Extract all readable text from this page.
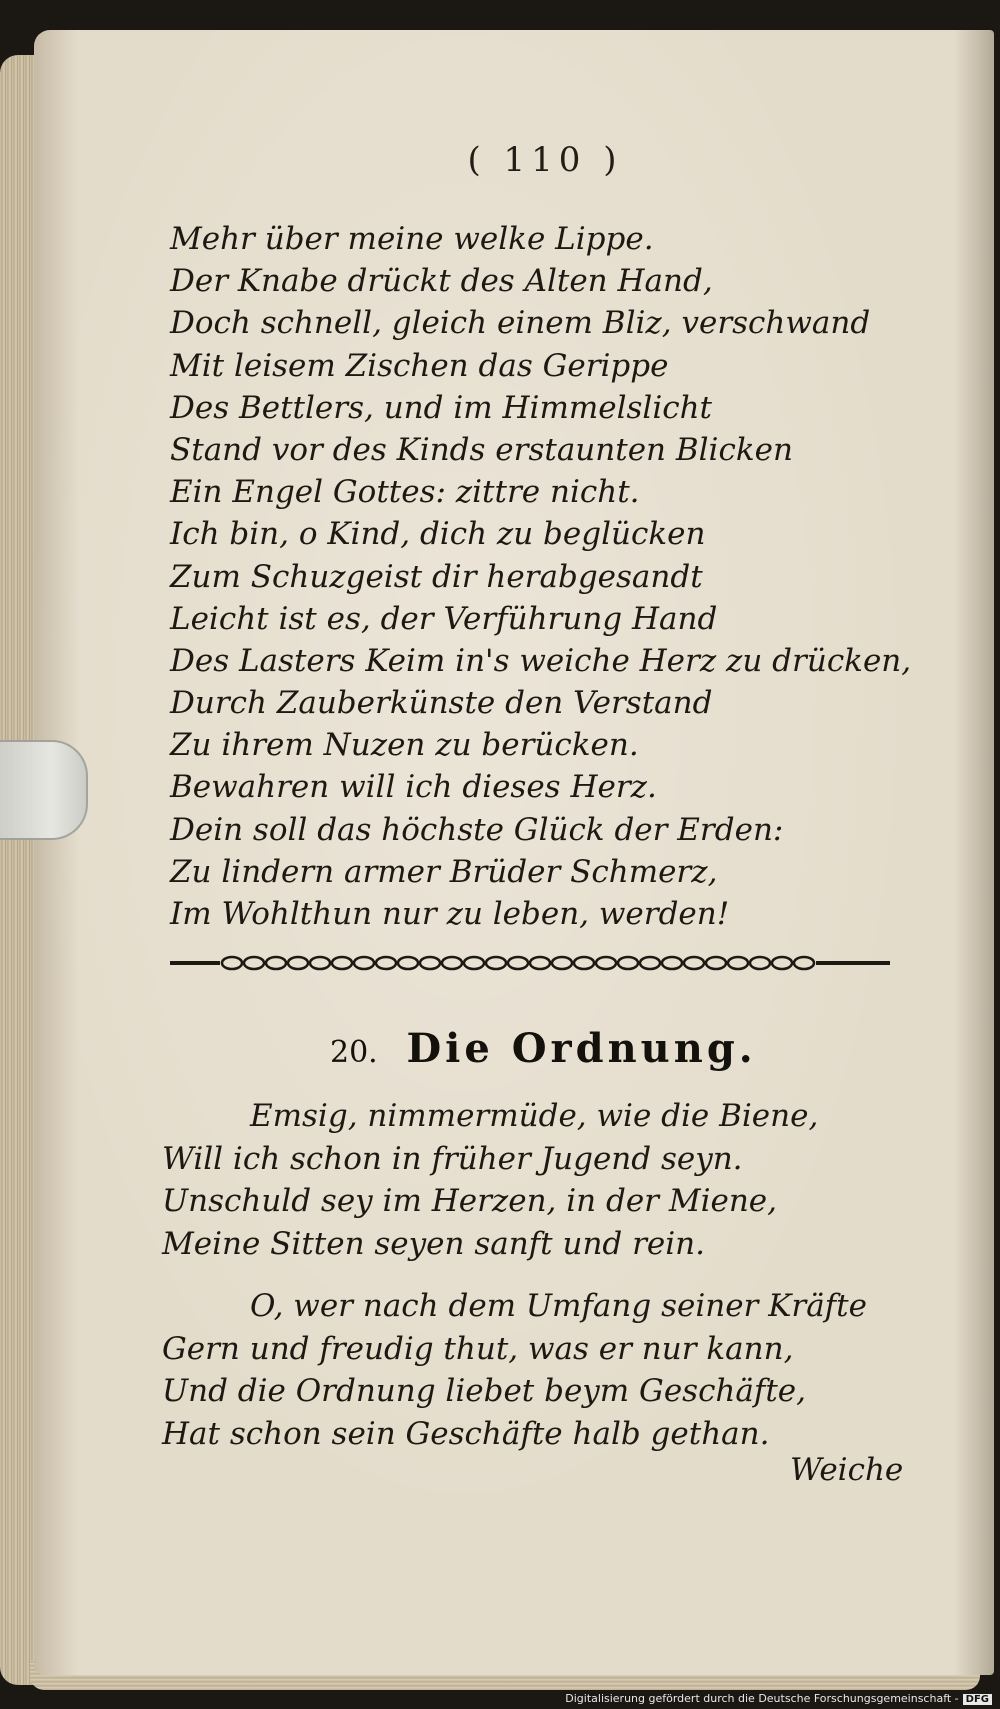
( 110 )
Mehr über meine welke Lippe.
Der Knabe drückt des Alten Hand,
Doch schnell, gleich einem Bliz, verschwand
Mit leisem Zischen das Gerippe
Des Bettlers, und im Himmelslicht
Stand vor des Kinds erstaunten Blicken
Ein Engel Gottes: zittre nicht.
Ich bin, o Kind, dich zu beglücken
Zum Schuzgeist dir herabgesandt
Leicht ist es, der Verführung Hand
Des Lasters Keim in's weiche Herz zu drücken,
Durch Zauberkünste den Verstand
Zu ihrem Nuzen zu berücken.
Bewahren will ich dieses Herz.
Dein soll das höchste Glück der Erden:
Zu lindern armer Brüder Schmerz,
Im Wohlthun nur zu leben, werden!
20. Die Ordnung.
Emsig, nimmermüde, wie die Biene,
Will ich schon in früher Jugend seyn.
Unschuld sey im Herzen, in der Miene,
Meine Sitten seyen sanft und rein.
O, wer nach dem Umfang seiner Kräfte
Gern und freudig thut, was er nur kann,
Und die Ordnung liebet beym Geschäfte,
Hat schon sein Geschäfte halb gethan.
Weiche
Digitalisierung gefördert durch die Deutsche Forschungsgemeinschaft - DFG
